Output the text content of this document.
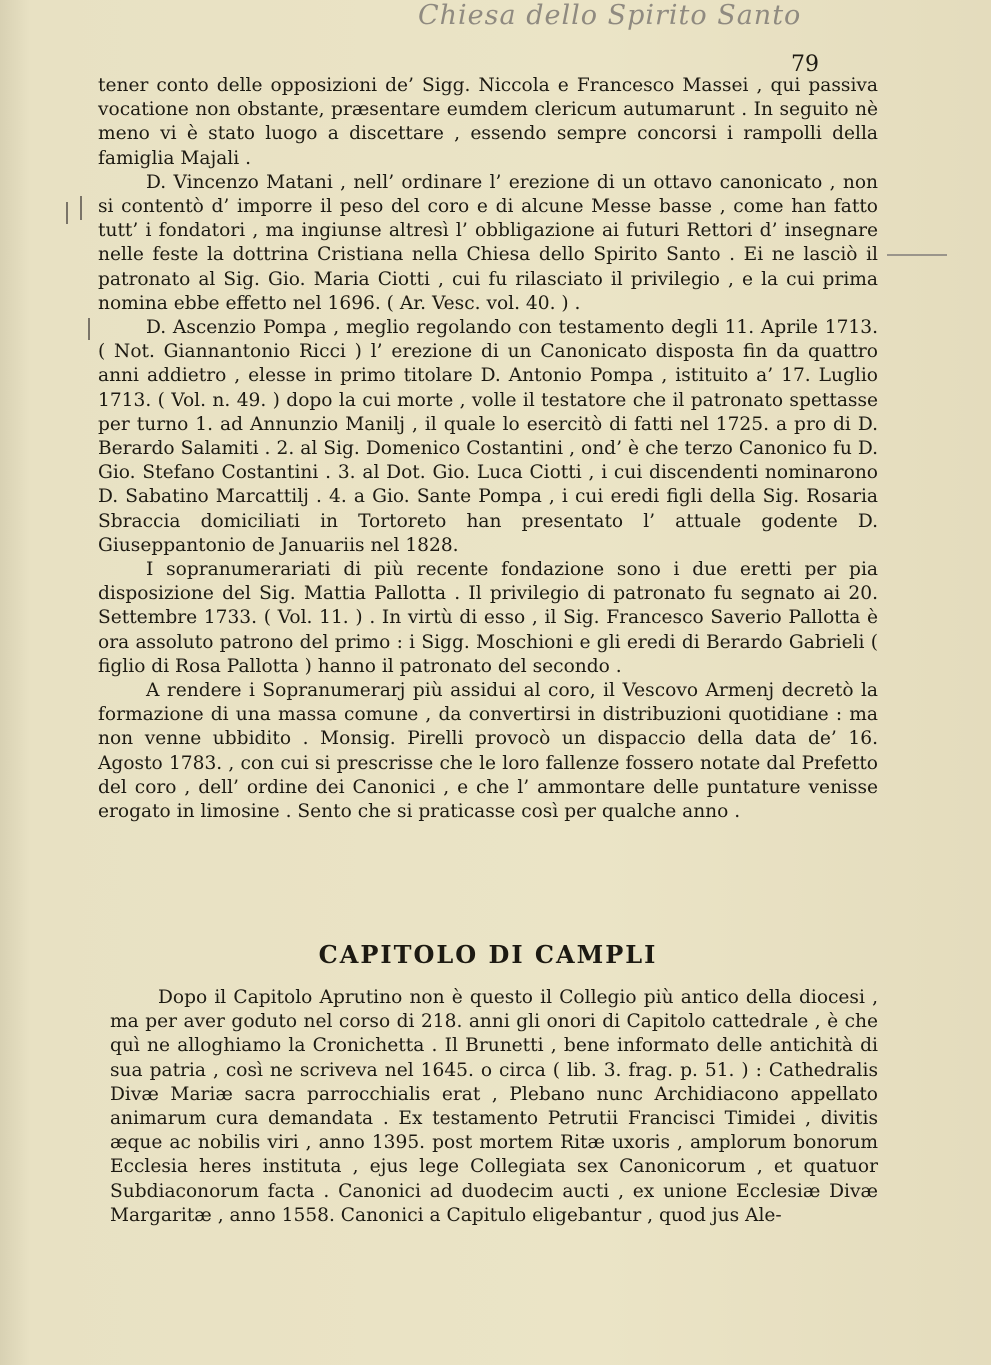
Chiesa dello Spirito Santo
79

tener conto delle opposizioni de’ Sigg. Niccola e Francesco Massei , qui passiva vocatione non obstante, præsentare eumdem clericum autumarunt . In seguito nè meno vi è stato luogo a discettare , essendo sempre concorsi i rampolli della famiglia Majali .

D. Vincenzo Matani , nell’ ordinare l’ erezione di un ottavo canonicato , non si contentò d’ imporre il peso del coro e di alcune Messe basse , come han fatto tutt’ i fondatori , ma ingiunse altresì l’ obbligazione ai futuri Rettori d’ insegnare nelle feste la dottrina Cristiana nella Chiesa dello Spirito Santo . Ei ne lasciò il patronato al Sig. Gio. Maria Ciotti , cui fu rilasciato il privilegio , e la cui prima nomina ebbe effetto nel 1696. ( Ar. Vesc. vol. 40. ) .

D. Ascenzio Pompa , meglio regolando con testamento degli 11. Aprile 1713. ( Not. Giannantonio Ricci ) l’ erezione di un Canonicato disposta fin da quattro anni addietro , elesse in primo titolare D. Antonio Pompa , istituito a’ 17. Luglio 1713. ( Vol. n. 49. ) dopo la cui morte , volle il testatore che il patronato spettasse per turno 1. ad Annunzio Manilj , il quale lo esercitò di fatti nel 1725. a pro di D. Berardo Salamiti . 2. al Sig. Domenico Costantini , ond’ è che terzo Canonico fu D. Gio. Stefano Costantini . 3. al Dot. Gio. Luca Ciotti , i cui discendenti nominarono D. Sabatino Marcattilj . 4. a Gio. Sante Pompa , i cui eredi figli della Sig. Rosaria Sbraccia domiciliati in Tortoreto han presentato l’ attuale godente D. Giuseppantonio de Januariis nel 1828.

I sopranumerariati di più recente fondazione sono i due eretti per pia disposizione del Sig. Mattia Pallotta . Il privilegio di patronato fu segnato ai 20. Settembre 1733. ( Vol. 11. ) . In virtù di esso , il Sig. Francesco Saverio Pallotta è ora assoluto patrono del primo : i Sigg. Moschioni e gli eredi di Berardo Gabrieli ( figlio di Rosa Pallotta ) hanno il patronato del secondo .

A rendere i Sopranumerarj più assidui al coro, il Vescovo Armenj decretò la formazione di una massa comune , da convertirsi in distribuzioni quotidiane : ma non venne ubbidito . Monsig. Pirelli provocò un dispaccio della data de’ 16. Agosto 1783. , con cui si prescrisse che le loro fallenze fossero notate dal Prefetto del coro , dell’ ordine dei Canonici , e che l’ ammontare delle puntature venisse erogato in limosine . Sento che si praticasse così per qualche anno .

CAPITOLO DI CAMPLI

Dopo il Capitolo Aprutino non è questo il Collegio più antico della diocesi , ma per aver goduto nel corso di 218. anni gli onori di Capitolo cattedrale , è che quì ne alloghiamo la Cronichetta . Il Brunetti , bene informato delle antichità di sua patria , così ne scriveva nel 1645. o circa ( lib. 3. frag. p. 51. ) : Cathedralis Divæ Mariæ sacra parrocchialis erat , Plebano nunc Archidiacono appellato animarum cura demandata . Ex testamento Petrutii Francisci Timidei , divitis æque ac nobilis viri , anno 1395. post mortem Ritæ uxoris , amplorum bonorum Ecclesia heres instituta , ejus lege Collegiata sex Canonicorum , et quatuor Subdiaconorum facta . Canonici ad duodecim aucti , ex unione Ecclesiæ Divæ Margaritæ , anno 1558. Canonici a Capitulo eligebantur , quod jus Ale-
